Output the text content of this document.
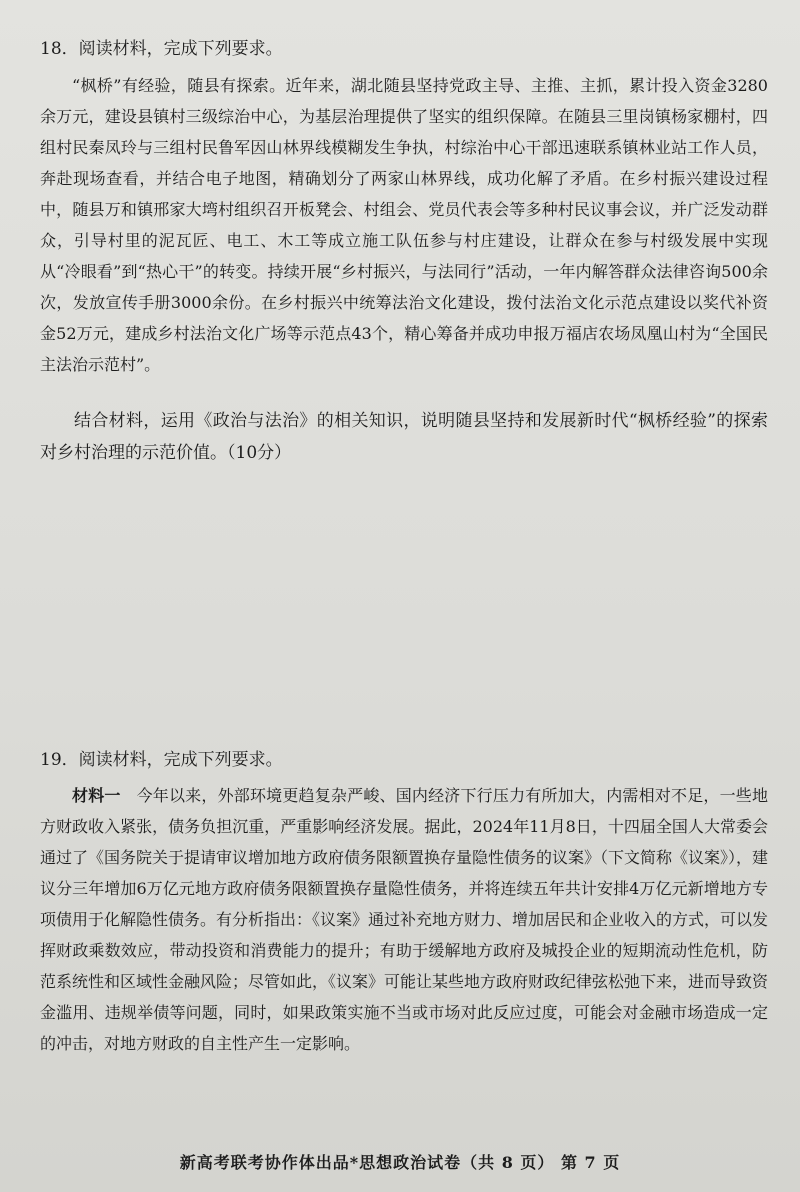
18．阅读材料，完成下列要求。
“枫桥”有经验，随县有探索。近年来，湖北随县坚持党政主导、主推、主抓，累计投入资金3280余万元，建设县镇村三级综治中心，为基层治理提供了坚实的组织保障。在随县三里岗镇杨家棚村，四组村民秦凤玲与三组村民鲁军因山林界线模糊发生争执，村综治中心干部迅速联系镇林业站工作人员，奔赴现场查看，并结合电子地图，精确划分了两家山林界线，成功化解了矛盾。在乡村振兴建设过程中，随县万和镇邢家大塆村组织召开板凳会、村组会、党员代表会等多种村民议事会议，并广泛发动群众，引导村里的泥瓦匠、电工、木工等成立施工队伍参与村庄建设，让群众在参与村级发展中实现从“冷眼看”到“热心干”的转变。持续开展“乡村振兴，与法同行”活动，一年内解答群众法律咨询500余次，发放宣传手册3000余份。在乡村振兴中统筹法治文化建设，拨付法治文化示范点建设以奖代补资金52万元，建成乡村法治文化广场等示范点43个，精心筹备并成功申报万福店农场凤凰山村为“全国民主法治示范村”。
结合材料，运用《政治与法治》的相关知识，说明随县坚持和发展新时代“枫桥经验”的探索对乡村治理的示范价值。（10分）
19．阅读材料，完成下列要求。
材料一 今年以来，外部环境更趋复杂严峻、国内经济下行压力有所加大，内需相对不足，一些地方财政收入紧张，债务负担沉重，严重影响经济发展。据此，2024年11月8日，十四届全国人大常委会通过了《国务院关于提请审议增加地方政府债务限额置换存量隐性债务的议案》（下文简称《议案》），建议分三年增加6万亿元地方政府债务限额置换存量隐性债务，并将连续五年共计安排4万亿元新增地方专项债用于化解隐性债务。有分析指出：《议案》通过补充地方财力、增加居民和企业收入的方式，可以发挥财政乘数效应，带动投资和消费能力的提升；有助于缓解地方政府及城投企业的短期流动性危机，防范系统性和区域性金融风险；尽管如此，《议案》可能让某些地方政府财政纪律弦松弛下来，进而导致资金滥用、违规举债等问题，同时，如果政策实施不当或市场对此反应过度，可能会对金融市场造成一定的冲击，对地方财政的自主性产生一定影响。
新高考联考协作体出品*思想政治试卷（共 8 页） 第 7 页
